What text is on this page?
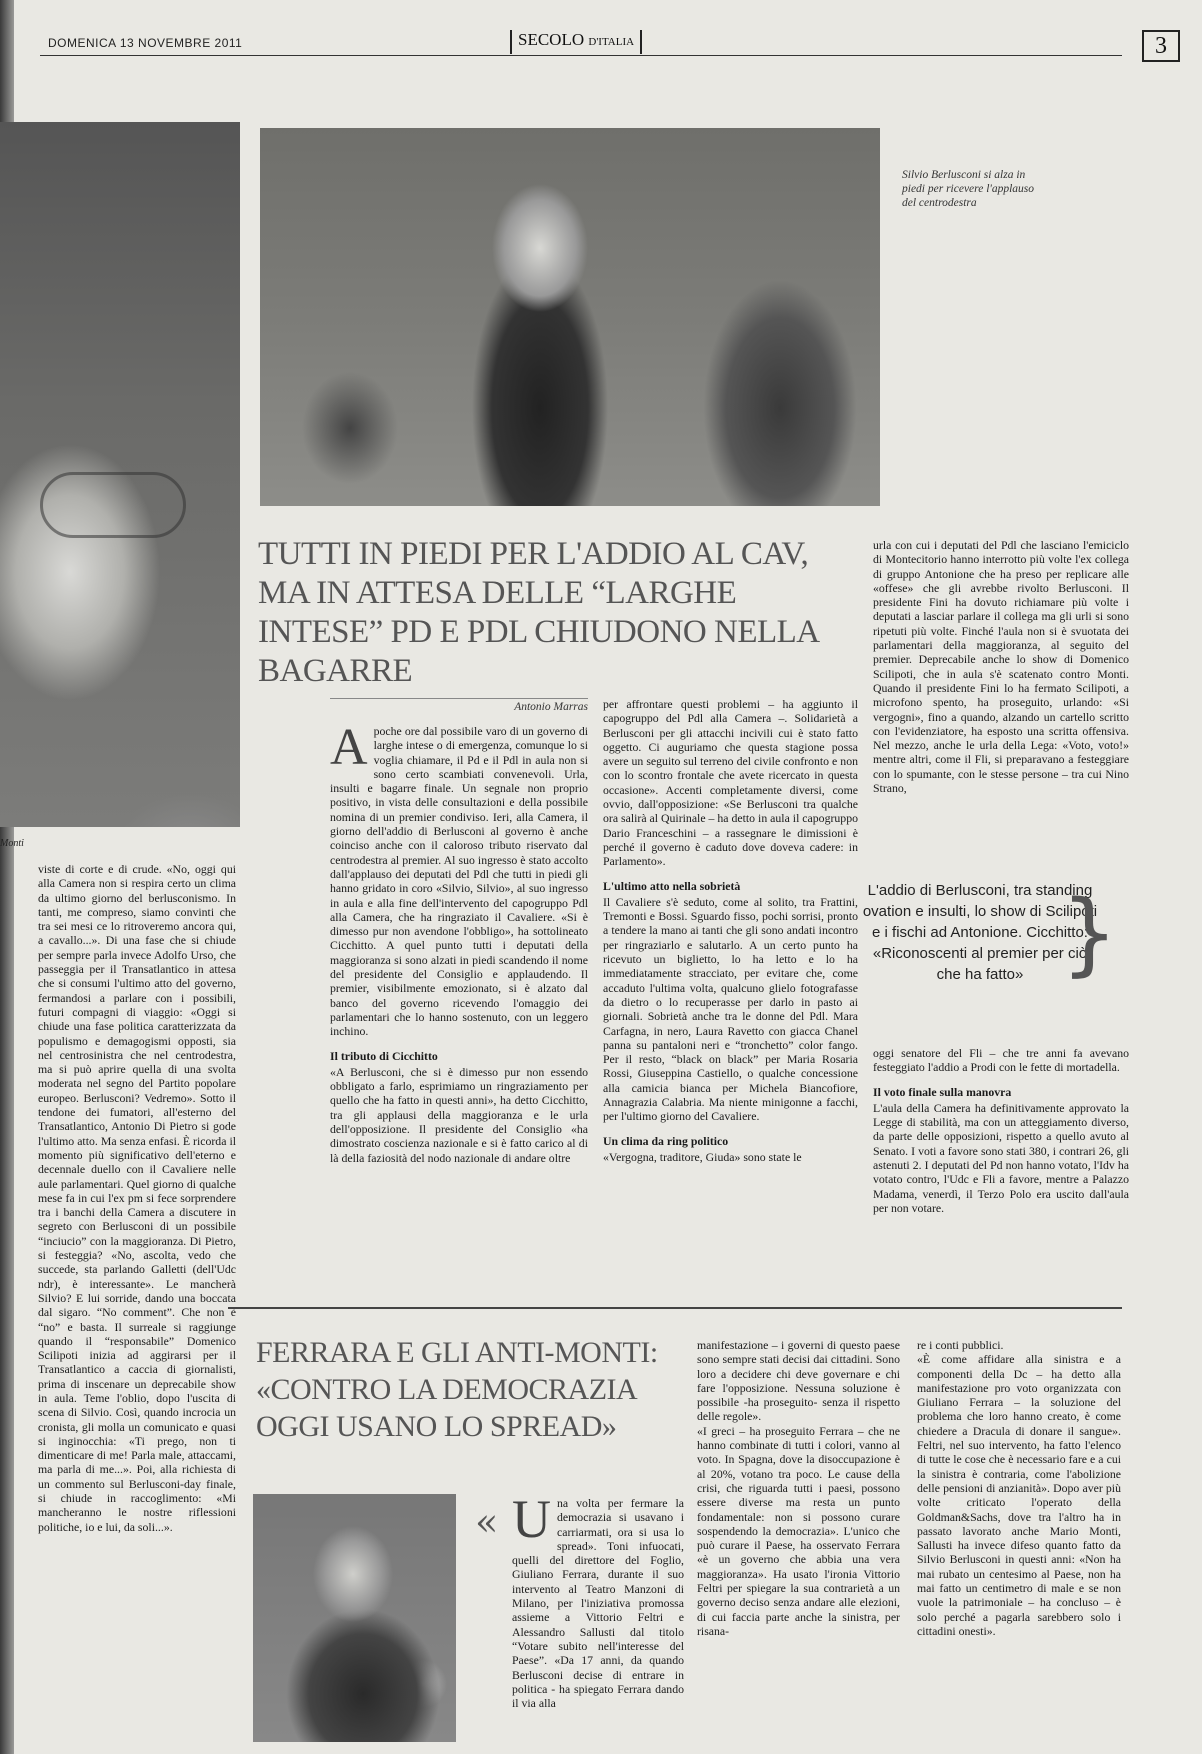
DOMENICA 13 NOVEMBRE 2011	SECOLO D'ITALIA	3
Monti
Silvio Berlusconi si alza in piedi per ricevere l'applauso del centrodestra
TUTTI IN PIEDI PER L'ADDIO AL CAV, MA IN ATTESA DELLE “LARGHE INTESE” PD E PDL CHIUDONO NELLA BAGARRE
Antonio Marras

viste di corte e di crude. «No, oggi qui alla Camera non si respira certo un clima da ultimo giorno del berlusconismo. In tanti, me compreso, siamo convinti che tra sei mesi ce lo ritroveremo ancora qui, a cavallo...». Di una fase che si chiude per sempre parla invece Adolfo Urso, che passeggia per il Transatlantico in attesa che si consumi l'ultimo atto del governo, fermandosi a parlare con i possibili, futuri compagni di viaggio: «Oggi si chiude una fase politica caratterizzata da populismo e demagogismi opposti, sia nel centrosinistra che nel centrodestra, ma si può aprire quella di una svolta moderata nel segno del Partito popolare europeo. Berlusconi? Vedremo». Sotto il tendone dei fumatori, all'esterno del Transatlantico, Antonio Di Pietro si gode l'ultimo atto. Ma senza enfasi. È ricorda il momento più significativo dell'eterno e decennale duello con il Cavaliere nelle aule parlamentari. Quel giorno di qualche mese fa in cui l'ex pm si fece sorprendere tra i banchi della Camera a discutere in segreto con Berlusconi di un possibile “inciucio” con la maggioranza. Di Pietro, si festeggia? «No, ascolta, vedo che succede, sta parlando Galletti (dell'Udc ndr), è interessante». Le mancherà Silvio? E lui sorride, dando una boccata dal sigaro. “No comment”. Che non è “no” e basta. Il surreale si raggiunge quando il “responsabile” Domenico Scilipoti inizia ad aggirarsi per il Transatlantico a caccia di giornalisti, prima di inscenare un deprecabile show in aula. Teme l'oblio, dopo l'uscita di scena di Silvio. Così, quando incrocia un cronista, gli molla un comunicato e quasi si inginocchia: «Ti prego, non ti dimenticare di me! Parla male, attaccami, ma parla di me...». Poi, alla richiesta di un commento sul Berlusconi-day finale, si chiude in raccoglimento: «Mi mancheranno le nostre riflessioni politiche, io e lui, da soli...».

Apoche ore dal possibile varo di un governo di larghe intese o di emergenza, comunque lo si voglia chiamare, il Pd e il Pdl in aula non si sono certo scambiati convenevoli. Urla, insulti e bagarre finale. Un segnale non proprio positivo, in vista delle consultazioni e della possibile nomina di un premier condiviso. Ieri, alla Camera, il giorno dell'addio di Berlusconi al governo è anche coinciso anche con il caloroso tributo riservato dal centrodestra al premier. Al suo ingresso è stato accolto dall'applauso dei deputati del Pdl che tutti in piedi gli hanno gridato in coro «Silvio, Silvio», al suo ingresso in aula e alla fine dell'intervento del capogruppo Pdl alla Camera, che ha ringraziato il Cavaliere. «Si è dimesso pur non avendone l'obbligo», ha sottolineato Cicchitto. A quel punto tutti i deputati della maggioranza si sono alzati in piedi scandendo il nome del presidente del Consiglio e applaudendo. Il premier, visibilmente emozionato, si è alzato dal banco del governo ricevendo l'omaggio dei parlamentari che lo hanno sostenuto, con un leggero inchino.

Il tributo di Cicchitto

«A Berlusconi, che si è dimesso pur non essendo obbligato a farlo, esprimiamo un ringraziamento per quello che ha fatto in questi anni», ha detto Cicchitto, tra gli applausi della maggioranza e le urla dell'opposizione. Il presidente del Consiglio «ha dimostrato coscienza nazionale e si è fatto carico al di là della faziosità del nodo nazionale di andare oltre

per affrontare questi problemi – ha aggiunto il capogruppo del Pdl alla Camera –. Solidarietà a Berlusconi per gli attacchi incivili cui è stato fatto oggetto. Ci auguriamo che questa stagione possa avere un seguito sul terreno del civile confronto e non con lo scontro frontale che avete ricercato in questa occasione». Accenti completamente diversi, come ovvio, dall'opposizione: «Se Berlusconi tra qualche ora salirà al Quirinale – ha detto in aula il capogruppo Dario Franceschini – a rassegnare le dimissioni è perché il governo è caduto dove doveva cadere: in Parlamento».

L'ultimo atto nella sobrietà

Il Cavaliere s'è seduto, come al solito, tra Frattini, Tremonti e Bossi. Sguardo fisso, pochi sorrisi, pronto a tendere la mano ai tanti che gli sono andati incontro per ringraziarlo e salutarlo. A un certo punto ha ricevuto un biglietto, lo ha letto e lo ha immediatamente stracciato, per evitare che, come accaduto l'ultima volta, qualcuno glielo fotografasse da dietro o lo recuperasse per darlo in pasto ai giornali. Sobrietà anche tra le donne del Pdl. Mara Carfagna, in nero, Laura Ravetto con giacca Chanel panna su pantaloni neri e “tronchetto” color fango. Per il resto, “black on black” per Maria Rosaria Rossi, Giuseppina Castiello, o qualche concessione alla camicia bianca per Michela Biancofiore, Annagrazia Calabria. Ma niente minigonne a facchi, per l'ultimo giorno del Cavaliere.

Un clima da ring politico

«Vergogna, traditore, Giuda» sono state le

urla con cui i deputati del Pdl che lasciano l'emiciclo di Montecitorio hanno interrotto più volte l'ex collega di gruppo Antonione che ha preso per replicare alle «offese» che gli avrebbe rivolto Berlusconi. Il presidente Fini ha dovuto richiamare più volte i deputati a lasciar parlare il collega ma gli urli si sono ripetuti più volte. Finché l'aula non si è svuotata dei parlamentari della maggioranza, al seguito del premier. Deprecabile anche lo show di Domenico Scilipoti, che in aula s'è scatenato contro Monti. Quando il presidente Fini lo ha fermato Scilipoti, a microfono spento, ha proseguito, urlando: «Si vergogni», fino a quando, alzando un cartello scritto con l'evidenziatore, ha esposto una scritta offensiva. Nel mezzo, anche le urla della Lega: «Voto, voto!» mentre altri, come il Fli, si preparavano a festeggiare con lo spumante, con le stesse persone – tra cui Nino Strano,

L'addio di Berlusconi, tra standing ovation e insulti, lo show di Scilipoti e i fischi ad Antonione. Cicchitto: «Riconoscenti al premier per ciò che ha fatto» }

oggi senatore del Fli – che tre anni fa avevano festeggiato l'addio a Prodi con le fette di mortadella.

Il voto finale sulla manovra

L'aula della Camera ha definitivamente approvato la Legge di stabilità, ma con un atteggiamento diverso, da parte delle opposizioni, rispetto a quello avuto al Senato. I voti a favore sono stati 380, i contrari 26, gli astenuti 2. I deputati del Pd non hanno votato, l'Idv ha votato contro, l'Udc e Fli a favore, mentre a Palazzo Madama, venerdì, il Terzo Polo era uscito dall'aula per non votare.

FERRARA E GLI ANTI-MONTI: «CONTRO LA DEMOCRAZIA OGGI USANO LO SPREAD»
« Una volta per fermare la democrazia si usavano i carriarmati, ora si usa lo spread». Toni infuocati, quelli del direttore del Foglio, Giuliano Ferrara, durante il suo intervento al Teatro Manzoni di Milano, per l'iniziativa promossa assieme a Vittorio Feltri e Alessandro Sallusti dal titolo “Votare subito nell'interesse del Paese”. «Da 17 anni, da quando Berlusconi decise di entrare in politica - ha spiegato Ferrara dando il via alla

manifestazione – i governi di questo paese sono sempre stati decisi dai cittadini. Sono loro a decidere chi deve governare e chi fare l'opposizione. Nessuna soluzione è possibile -ha proseguito- senza il rispetto delle regole».

«I greci – ha proseguito Ferrara – che ne hanno combinate di tutti i colori, vanno al voto. In Spagna, dove la disoccupazione è al 20%, votano tra poco. Le cause della crisi, che riguarda tutti i paesi, possono essere diverse ma resta un punto fondamentale: non si possono curare sospendendo la democrazia». L'unico che può curare il Paese, ha osservato Ferrara «è un governo che abbia una vera maggioranza». Ha usato l'ironia Vittorio Feltri per spiegare la sua contrarietà a un governo deciso senza andare alle elezioni, di cui faccia parte anche la sinistra, per risana-

re i conti pubblici.

«È come affidare alla sinistra e a componenti della Dc – ha detto alla manifestazione pro voto organizzata con Giuliano Ferrara – la soluzione del problema che loro hanno creato, è come chiedere a Dracula di donare il sangue». Feltri, nel suo intervento, ha fatto l'elenco di tutte le cose che è necessario fare e a cui la sinistra è contraria, come l'abolizione delle pensioni di anzianità». Dopo aver più volte criticato l'operato della Goldman&Sachs, dove tra l'altro ha in passato lavorato anche Mario Monti, Sallusti ha invece difeso quanto fatto da Silvio Berlusconi in questi anni: «Non ha mai rubato un centesimo al Paese, non ha mai fatto un centimetro di male e se non vuole la patrimoniale – ha concluso – è solo perché a pagarla sarebbero solo i cittadini onesti».
